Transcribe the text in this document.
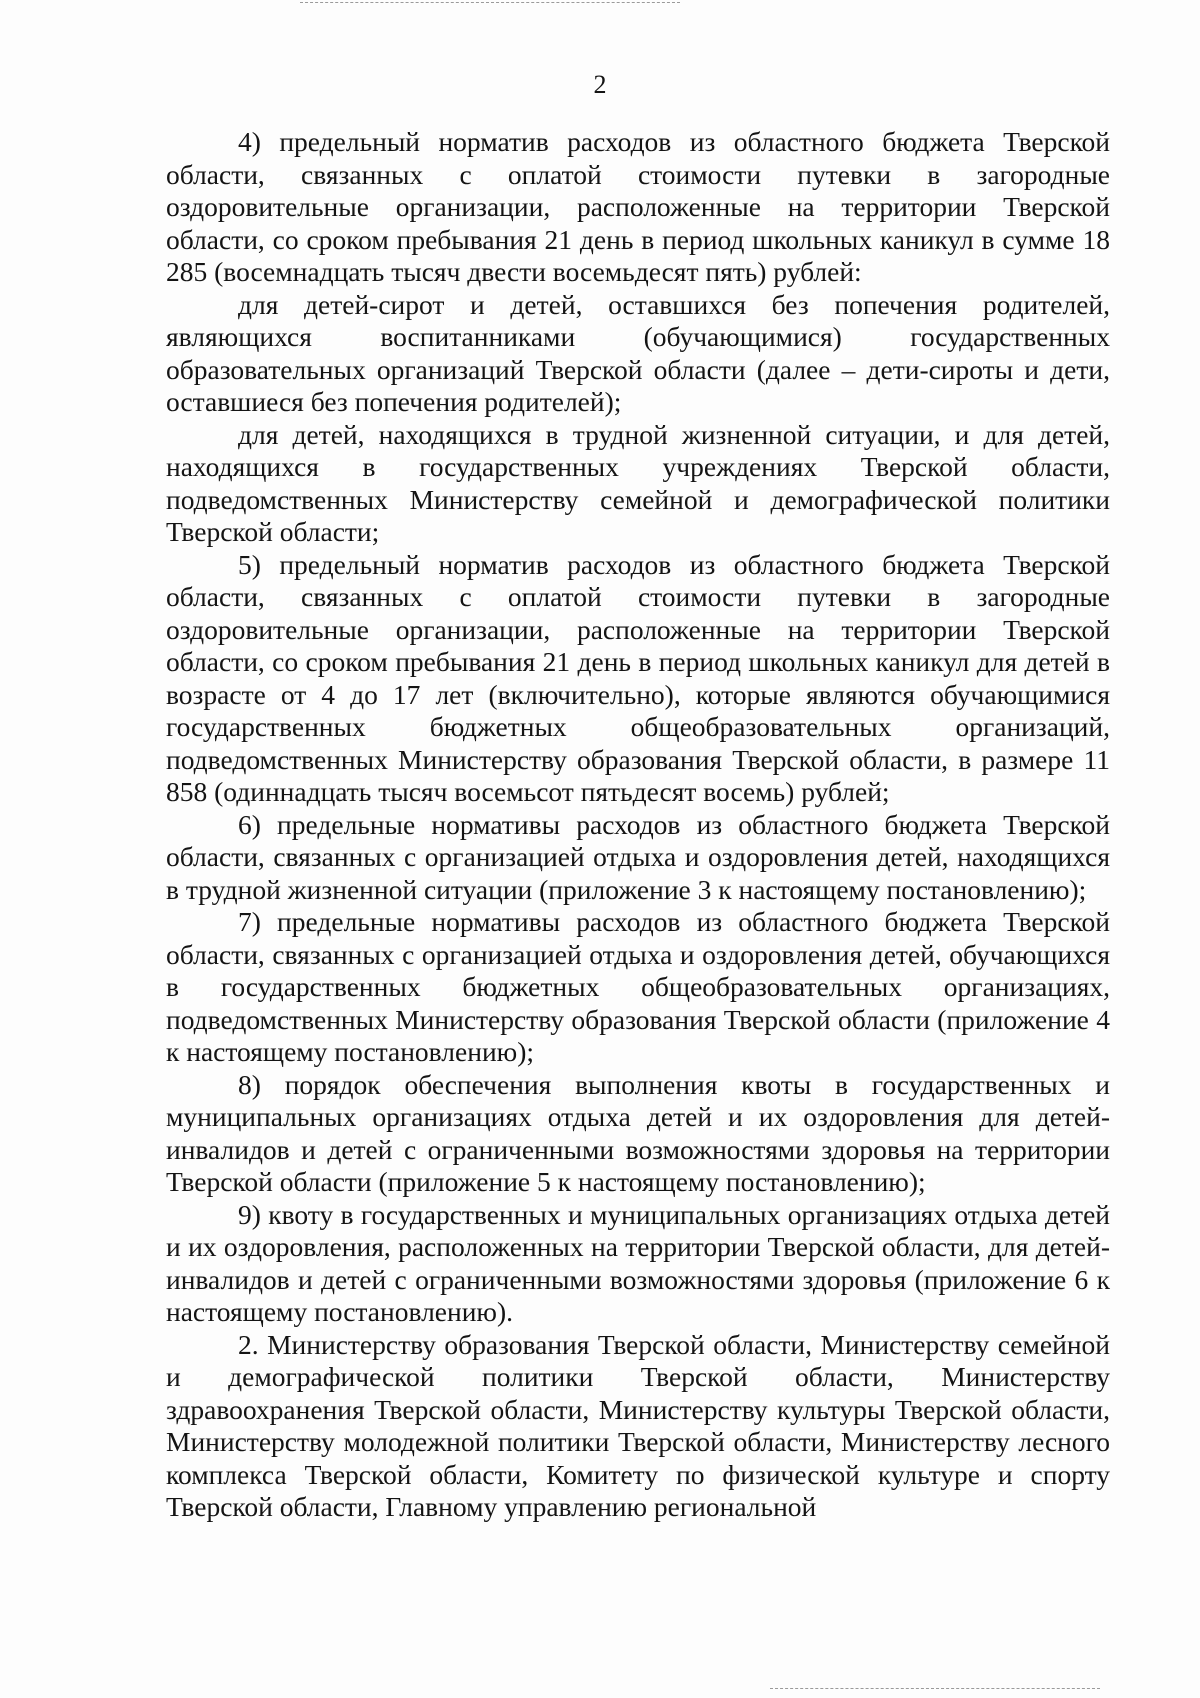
2

4) предельный норматив расходов из областного бюджета Тверской области, связанных с оплатой стоимости путевки в загородные оздоровительные организации, расположенные на территории Тверской области, со сроком пребывания 21 день в период школьных каникул в сумме 18 285 (восемнадцать тысяч двести восемьдесят пять) рублей:

для детей-сирот и детей, оставшихся без попечения родителей, являющихся воспитанниками (обучающимися) государственных образовательных организаций Тверской области (далее – дети-сироты и дети, оставшиеся без попечения родителей);

для детей, находящихся в трудной жизненной ситуации, и для детей, находящихся в государственных учреждениях Тверской области, подведомственных Министерству семейной и демографической политики Тверской области;

5) предельный норматив расходов из областного бюджета Тверской области, связанных с оплатой стоимости путевки в загородные оздоровительные организации, расположенные на территории Тверской области, со сроком пребывания 21 день в период школьных каникул для детей в возрасте от 4 до 17 лет (включительно), которые являются обучающимися государственных бюджетных общеобразовательных организаций, подведомственных Министерству образования Тверской области, в размере 11 858 (одиннадцать тысяч восемьсот пятьдесят восемь) рублей;

6) предельные нормативы расходов из областного бюджета Тверской области, связанных с организацией отдыха и оздоровления детей, находящихся в трудной жизненной ситуации (приложение 3 к настоящему постановлению);

7) предельные нормативы расходов из областного бюджета Тверской области, связанных с организацией отдыха и оздоровления детей, обучающихся в государственных бюджетных общеобразовательных организациях, подведомственных Министерству образования Тверской области (приложение 4 к настоящему постановлению);

8) порядок обеспечения выполнения квоты в государственных и муниципальных организациях отдыха детей и их оздоровления для детей-инвалидов и детей с ограниченными возможностями здоровья на территории Тверской области (приложение 5 к настоящему постановлению);

9) квоту в государственных и муниципальных организациях отдыха детей и их оздоровления, расположенных на территории Тверской области, для детей-инвалидов и детей с ограниченными возможностями здоровья (приложение 6 к настоящему постановлению).

2. Министерству образования Тверской области, Министерству семейной и демографической политики Тверской области, Министерству здравоохранения Тверской области, Министерству культуры Тверской области, Министерству молодежной политики Тверской области, Министерству лесного комплекса Тверской области, Комитету по физической культуре и спорту Тверской области, Главному управлению региональной
